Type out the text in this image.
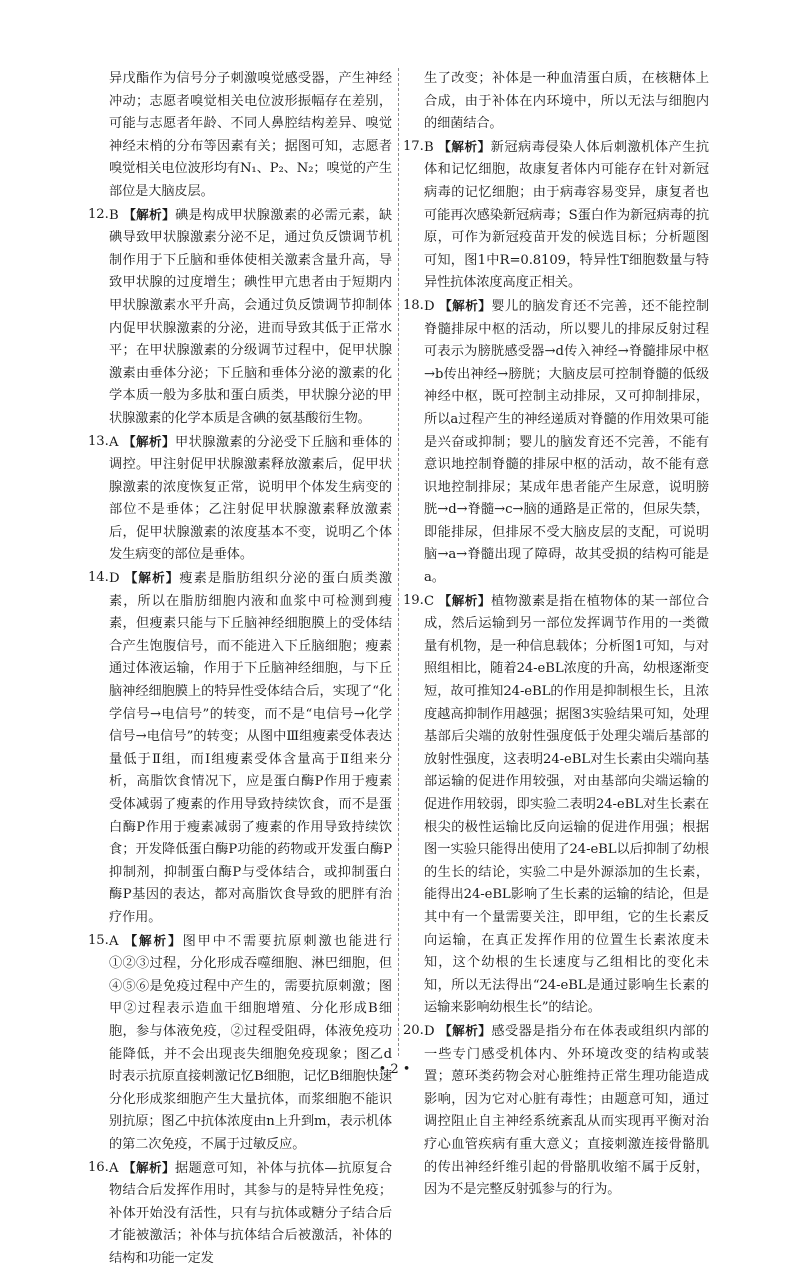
异戊酯作为信号分子刺激嗅觉感受器，产生神经冲动；志愿者嗅觉相关电位波形振幅存在差别，可能与志愿者年龄、不同人鼻腔结构差异、嗅觉神经末梢的分布等因素有关；据图可知，志愿者嗅觉相关电位波形均有N₁、P₂、N₂；嗅觉的产生部位是大脑皮层。

12. B 【解析】碘是构成甲状腺激素的必需元素，缺碘导致甲状腺激素分泌不足，通过负反馈调节机制作用于下丘脑和垂体使相关激素含量升高，导致甲状腺的过度增生；碘性甲亢患者由于短期内甲状腺激素水平升高，会通过负反馈调节抑制体内促甲状腺激素的分泌，进而导致其低于正常水平；在甲状腺激素的分级调节过程中，促甲状腺激素由垂体分泌；下丘脑和垂体分泌的激素的化学本质一般为多肽和蛋白质类，甲状腺分泌的甲状腺激素的化学本质是含碘的氨基酸衍生物。

13. A 【解析】甲状腺激素的分泌受下丘脑和垂体的调控。甲注射促甲状腺激素释放激素后，促甲状腺激素的浓度恢复正常，说明甲个体发生病变的部位不是垂体；乙注射促甲状腺激素释放激素后，促甲状腺激素的浓度基本不变，说明乙个体发生病变的部位是垂体。

14. D 【解析】瘦素是脂肪组织分泌的蛋白质类激素，所以在脂肪细胞内液和血浆中可检测到瘦素，但瘦素只能与下丘脑神经细胞膜上的受体结合产生饱腹信号，而不能进入下丘脑细胞；瘦素通过体液运输，作用于下丘脑神经细胞，与下丘脑神经细胞膜上的特异性受体结合后，实现了“化学信号→电信号”的转变，而不是“电信号→化学信号→电信号”的转变；从图中Ⅲ组瘦素受体表达量低于Ⅱ组，而Ⅰ组瘦素受体含量高于Ⅱ组来分析，高脂饮食情况下，应是蛋白酶P作用于瘦素受体减弱了瘦素的作用导致持续饮食，而不是蛋白酶P作用于瘦素减弱了瘦素的作用导致持续饮食；开发降低蛋白酶P功能的药物或开发蛋白酶P抑制剂，抑制蛋白酶P与受体结合，或抑制蛋白酶P基因的表达，都对高脂饮食导致的肥胖有治疗作用。

15. A 【解析】图甲中不需要抗原刺激也能进行①②③过程，分化形成吞噬细胞、淋巴细胞，但④⑤⑥是免疫过程中产生的，需要抗原刺激；图甲②过程表示造血干细胞增殖、分化形成B细胞，参与体液免疫，②过程受阻碍，体液免疫功能降低，并不会出现丧失细胞免疫现象；图乙d时表示抗原直接刺激记忆B细胞，记忆B细胞快速分化形成浆细胞产生大量抗体，而浆细胞不能识别抗原；图乙中抗体浓度由n上升到m，表示机体的第二次免疫，不属于过敏反应。

16. A 【解析】据题意可知，补体与抗体—抗原复合物结合后发挥作用时，其参与的是特异性免疫；补体开始没有活性，只有与抗体或糖分子结合后才能被激活；补体与抗体结合后被激活，补体的结构和功能一定发

生了改变；补体是一种血清蛋白质，在核糖体上合成，由于补体在内环境中，所以无法与细胞内的细菌结合。

17. B 【解析】新冠病毒侵染人体后刺激机体产生抗体和记忆细胞，故康复者体内可能存在针对新冠病毒的记忆细胞；由于病毒容易变异，康复者也可能再次感染新冠病毒；S蛋白作为新冠病毒的抗原，可作为新冠疫苗开发的候选目标；分析题图可知，图1中R=0.8109，特异性T细胞数量与特异性抗体浓度高度正相关。

18. D 【解析】婴儿的脑发育还不完善，还不能控制脊髓排尿中枢的活动，所以婴儿的排尿反射过程可表示为膀胱感受器→d传入神经→脊髓排尿中枢→b传出神经→膀胱；大脑皮层可控制脊髓的低级神经中枢，既可控制主动排尿，又可抑制排尿，所以a过程产生的神经递质对脊髓的作用效果可能是兴奋或抑制；婴儿的脑发育还不完善，不能有意识地控制脊髓的排尿中枢的活动，故不能有意识地控制排尿；某成年患者能产生尿意，说明膀胱→d→脊髓→c→脑的通路是正常的，但尿失禁，即能排尿，但排尿不受大脑皮层的支配，可说明脑→a→脊髓出现了障碍，故其受损的结构可能是a。

19. C 【解析】植物激素是指在植物体的某一部位合成，然后运输到另一部位发挥调节作用的一类微量有机物，是一种信息载体；分析图1可知，与对照组相比，随着24-eBL浓度的升高，幼根逐渐变短，故可推知24-eBL的作用是抑制根生长，且浓度越高抑制作用越强；据图3实验结果可知，处理基部后尖端的放射性强度低于处理尖端后基部的放射性强度，这表明24-eBL对生长素由尖端向基部运输的促进作用较强，对由基部向尖端运输的促进作用较弱，即实验二表明24-eBL对生长素在根尖的极性运输比反向运输的促进作用强；根据图一实验只能得出使用了24-eBL以后抑制了幼根的生长的结论，实验二中是外源添加的生长素，能得出24-eBL影响了生长素的运输的结论，但是其中有一个量需要关注，即甲组，它的生长素反向运输，在真正发挥作用的位置生长素浓度未知，这个幼根的生长速度与乙组相比的变化未知，所以无法得出“24-eBL是通过影响生长素的运输来影响幼根生长”的结论。

20. D 【解析】感受器是指分布在体表或组织内部的一些专门感受机体内、外环境改变的结构或装置；蒽环类药物会对心脏维持正常生理功能造成影响，因为它对心脏有毒性；由题意可知，通过调控阻止自主神经系统紊乱从而实现再平衡对治疗心血管疾病有重大意义；直接刺激连接骨骼肌的传出神经纤维引起的骨骼肌收缩不属于反射，因为不是完整反射弧参与的行为。

• 2 •
